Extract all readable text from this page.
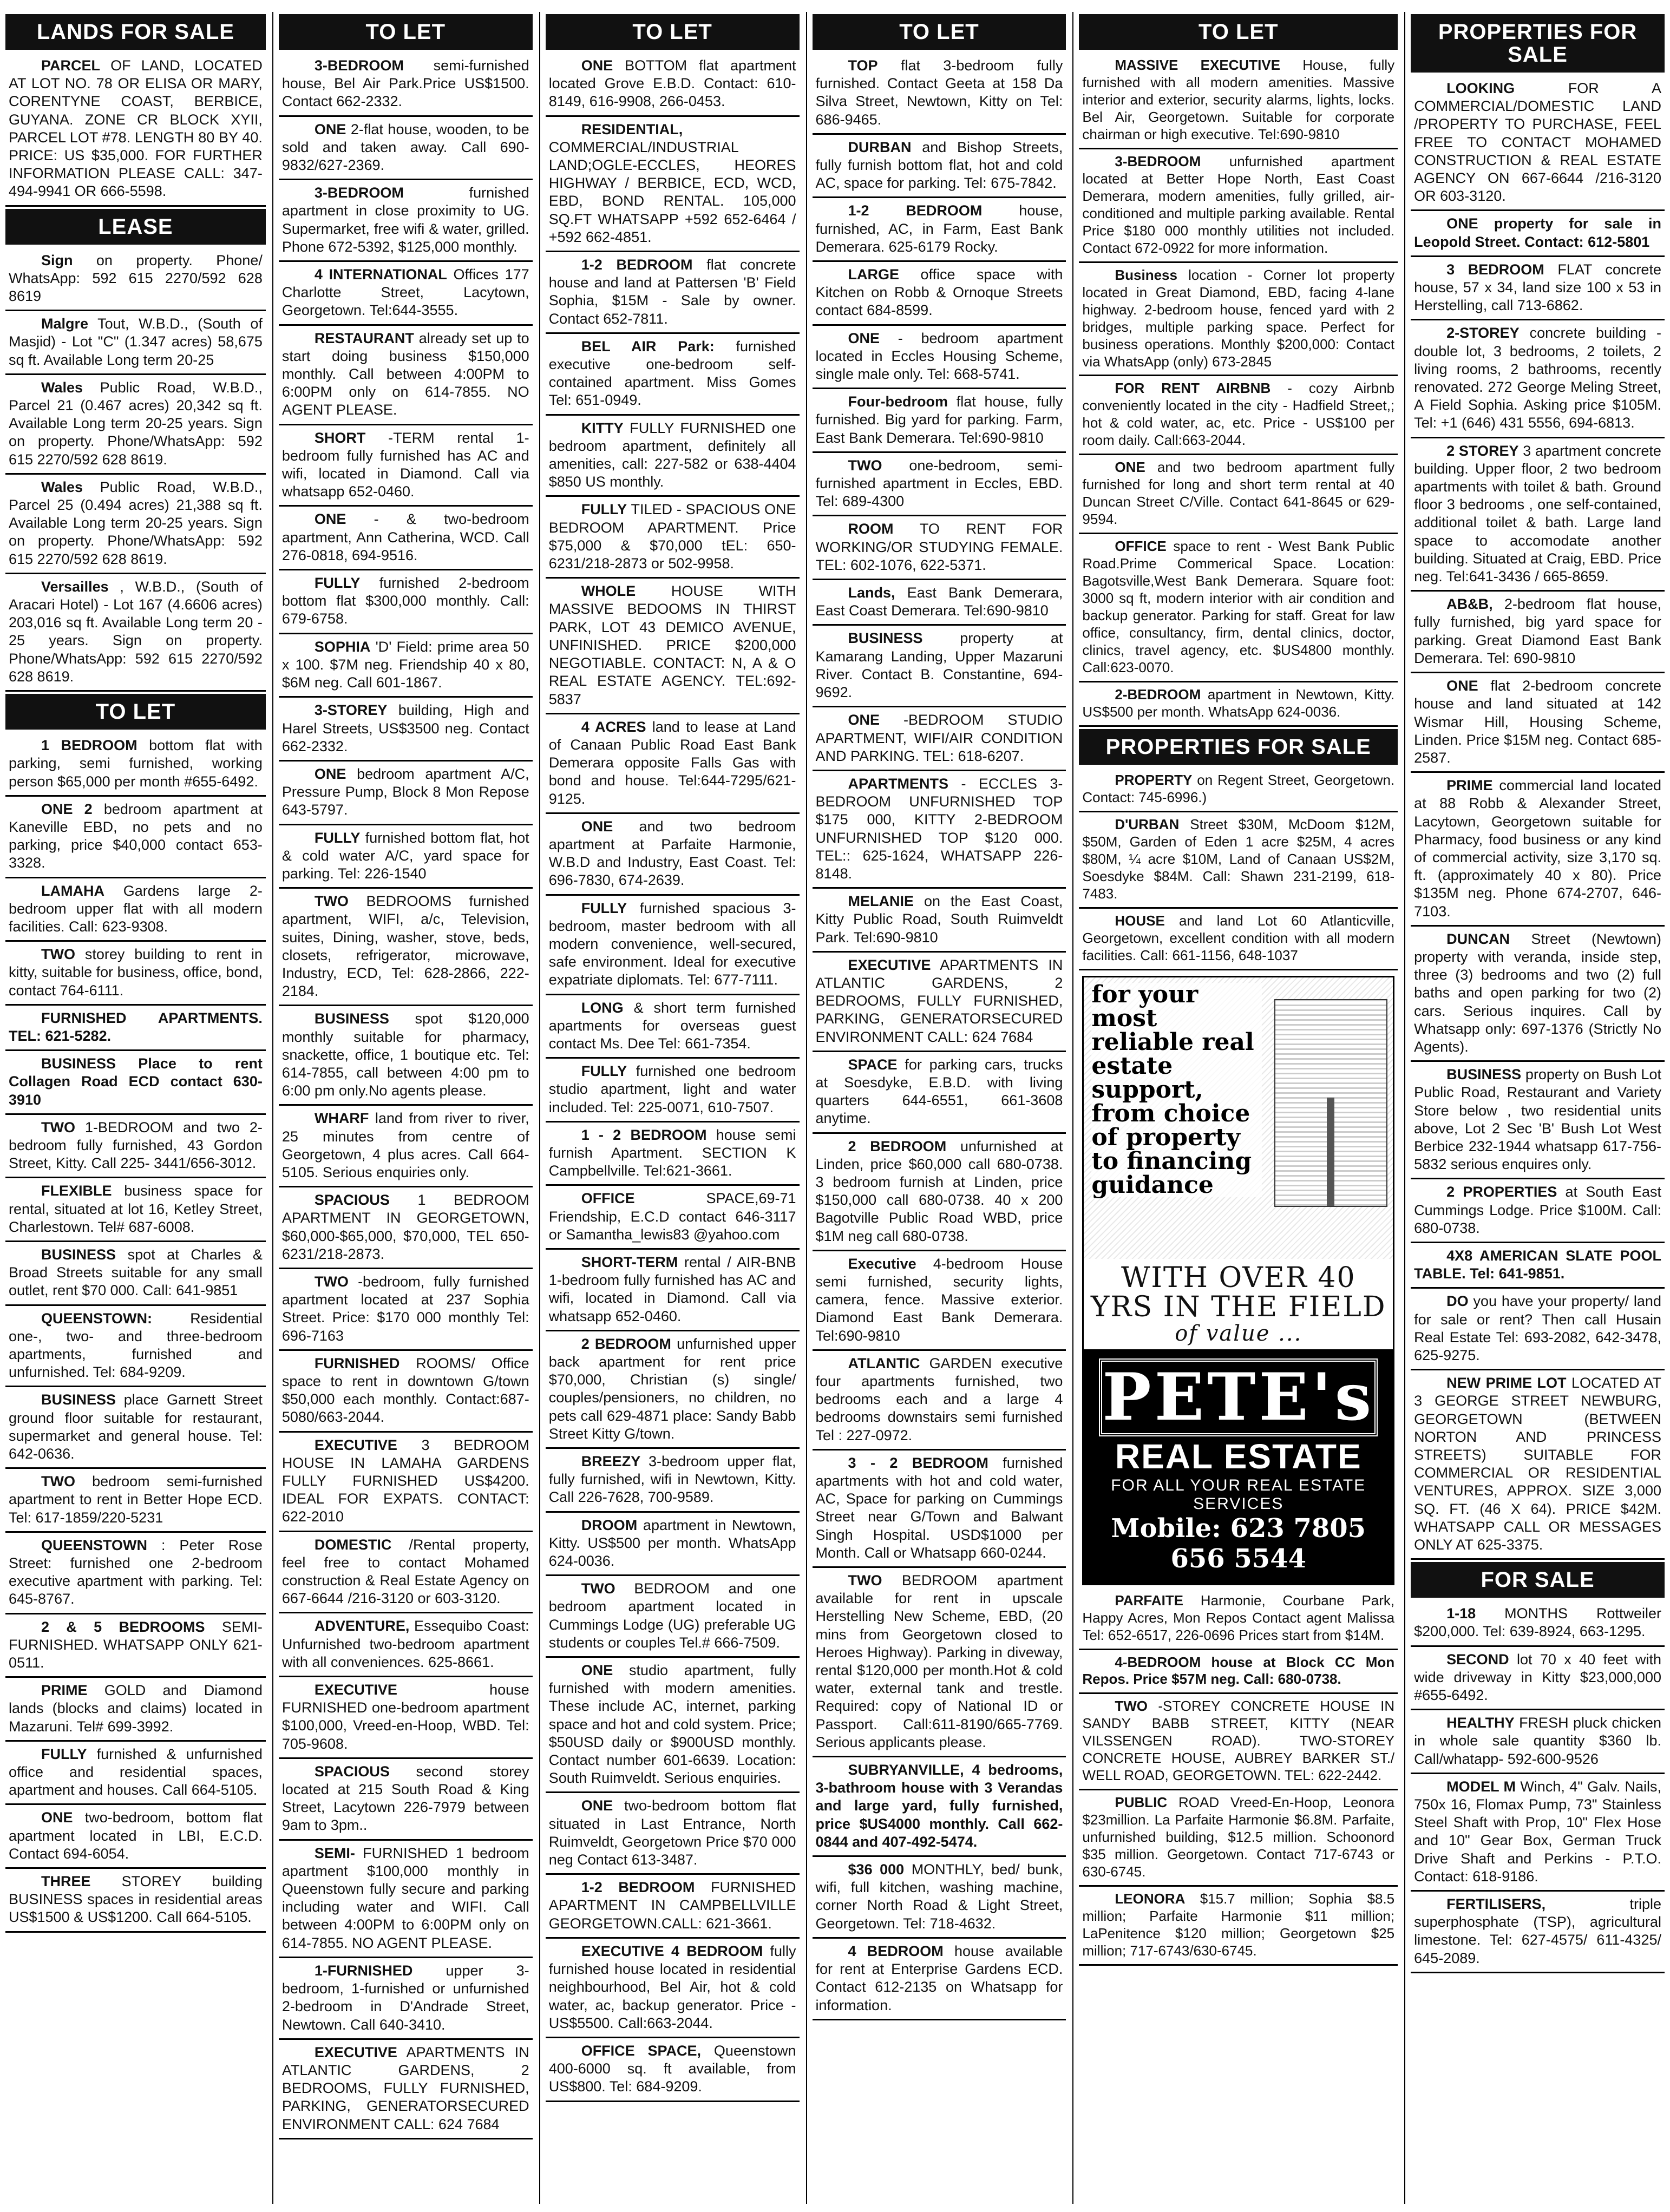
LANDS FOR SALE
PARCEL OF LAND, LOCATED AT LOT NO. 78 OR ELISA OR MARY, CORENTYNE COAST, BERBICE, GUYANA. ZONE CR BLOCK XYII, PARCEL LOT #78. LENGTH 80 BY 40. PRICE: US $35,000. FOR FURTHER INFORMATION PLEASE CALL: 347-494-9941 OR 666-5598.
LEASE
Sign on property. Phone/ WhatsApp: 592 615 2270/592 628 8619
Malgre Tout, W.B.D., (South of Masjid) - Lot "C" (1.347 acres) 58,675 sq ft. Available Long term 20-25
Wales Public Road, W.B.D., Parcel 21 (0.467 acres) 20,342 sq ft. Available Long term 20-25 years. Sign on property. Phone/WhatsApp: 592 615 2270/592 628 8619.
Wales Public Road, W.B.D., Parcel 25 (0.494 acres) 21,388 sq ft. Available Long term 20-25 years. Sign on property. Phone/WhatsApp: 592 615 2270/592 628 8619.
Versailles , W.B.D., (South of Aracari Hotel) - Lot 167 (4.6606 acres) 203,016 sq ft. Available Long term 20 - 25 years. Sign on property. Phone/WhatsApp: 592 615 2270/592 628 8619.
TO LET
1 BEDROOM bottom flat with parking, semi furnished, working person $65,000 per month #655-6492.
ONE 2 bedroom apartment at Kaneville EBD, no pets and no parking, price $40,000 contact 653-3328.
LAMAHA Gardens large 2-bedroom upper flat with all modern facilities. Call: 623-9308.
TWO storey building to rent in kitty, suitable for business, office, bond, contact 764-6111.
FURNISHED APARTMENTS. TEL: 621-5282.
BUSINESS Place to rent Collagen Road ECD contact 630-3910
TWO 1-BEDROOM and two 2-bedroom fully furnished, 43 Gordon Street, Kitty. Call 225- 3441/656-3012.
FLEXIBLE business space for rental, situated at lot 16, Ketley Street, Charlestown. Tel# 687-6008.
BUSINESS spot at Charles & Broad Streets suitable for any small outlet, rent $70 000. Call: 641-9851
QUEENSTOWN:	Residential one-, two- and three-bedroom apartments, furnished and unfurnished. Tel: 684-9209.
BUSINESS place Garnett Street ground floor suitable for restaurant, supermarket and general house. Tel: 642-0636.
TWO bedroom semi-furnished apartment to rent in Better Hope ECD. Tel: 617-1859/220-5231
QUEENSTOWN : Peter Rose Street: furnished one 2-bedroom executive apartment with parking. Tel: 645-8767.
2 & 5 BEDROOMS SEMI-FURNISHED. WHATSAPP ONLY 621-0511.
PRIME GOLD and Diamond lands (blocks and claims) located in Mazaruni. Tel# 699-3992.
FULLY furnished & unfurnished office and residential spaces, apartment and houses. Call 664-5105.
ONE two-bedroom, bottom flat apartment located in LBI, E.C.D. Contact 694-6054.
THREE STOREY building BUSINESS spaces in residential areas US$1500 & US$1200. Call 664-5105.
TO LET
3-BEDROOM semi-furnished house, Bel Air Park.Price US$1500. Contact 662-2332.
ONE 2-flat house, wooden, to be sold and taken away. Call 690-9832/627-2369.
3-BEDROOM	furnished apartment in close proximity to UG. Supermarket, free wifi & water, grilled. Phone 672-5392, $125,000 monthly.
4 INTERNATIONAL Offices 177 Charlotte Street, Lacytown, Georgetown. Tel:644-3555.
RESTAURANT already set up to start doing business $150,000 monthly. Call between 4:00PM to 6:00PM only on 614-7855. NO AGENT PLEASE.
SHORT -TERM rental 1-bedroom fully furnished has AC and wifi, located in Diamond. Call via whatsapp 652-0460.
ONE - & two-bedroom apartment, Ann Catherina, WCD. Call 276-0818, 694-9516.
FULLY furnished 2-bedroom bottom flat $300,000 monthly. Call: 679-6758.
SOPHIA 'D' Field: prime area 50 x 100. $7M neg. Friendship 40 x 80, $6M neg. Call 601-1867.
3-STOREY building, High and Harel Streets, US$3500 neg. Contact 662-2332.
ONE bedroom apartment A/C, Pressure Pump, Block 8 Mon Repose 643-5797.
FULLY furnished bottom flat, hot & cold water A/C, yard space for parking. Tel: 226-1540
TWO BEDROOMS furnished apartment, WIFI, a/c, Television, suites, Dining, washer, stove, beds, closets, refrigerator, microwave, Industry, ECD, Tel: 628-2866, 222-2184.
BUSINESS spot $120,000 monthly suitable for pharmacy, snackette, office, 1 boutique etc. Tel: 614-7855, call between 4:00 pm to 6:00 pm only.No agents please.
WHARF land from river to river, 25 minutes from centre of Georgetown, 4 plus acres. Call 664-5105. Serious enquiries only.
SPACIOUS 1 BEDROOM APARTMENT IN GEORGETOWN, $60,000-$65,000, $70,000, TEL 650-6231/218-2873.
TWO -bedroom, fully furnished apartment located at 237 Sophia Street. Price: $170 000 monthly Tel: 696-7163
FURNISHED ROOMS/ Office space to rent in downtown G/town $50,000 each monthly. Contact:687-5080/663-2044.
EXECUTIVE 3 BEDROOM HOUSE IN LAMAHA GARDENS FULLY FURNISHED US$4200. IDEAL FOR EXPATS. CONTACT: 622-2010
DOMESTIC /Rental property, feel free to contact Mohamed construction & Real Estate Agency on 667-6644 /216-3120 or 603-3120.
ADVENTURE, Essequibo Coast: Unfurnished two-bedroom apartment with all conveniences. 625-8661.
EXECUTIVE	house FURNISHED one-bedroom apartment $100,000, Vreed-en-Hoop, WBD. Tel: 705-9608.
SPACIOUS second storey located at 215 South Road & King Street, Lacytown 226-7979 between 9am to 3pm..
SEMI- FURNISHED 1 bedroom apartment $100,000 monthly in Queenstown fully secure and parking including water and WIFI. Call between 4:00PM to 6:00PM only on 614-7855. NO AGENT PLEASE.
1-FURNISHED upper 3-bedroom, 1-furnished or unfurnished 2-bedroom in D'Andrade Street, Newtown. Call 640-3410.
EXECUTIVE APARTMENTS IN ATLANTIC GARDENS, 2 BEDROOMS, FULLY FURNISHED, PARKING, GENERATORSECURED ENVIRONMENT CALL: 624 7684
TO LET
ONE BOTTOM flat apartment located Grove E.B.D. Contact: 610-8149, 616-9908, 266-0453.
RESIDENTIAL, COMMERCIAL/INDUSTRIAL LAND;OGLE-ECCLES, HEORES HIGHWAY / BERBICE, ECD, WCD, EBD, BOND RENTAL. 105,000 SQ.FT WHATSAPP +592 652-6464 / +592 662-4851.
1-2 BEDROOM flat concrete house and land at Pattersen 'B' Field Sophia, $15M - Sale by owner. Contact 652-7811.
BEL AIR Park: furnished executive one-bedroom self-contained apartment. Miss Gomes Tel: 651-0949.
KITTY FULLY FURNISHED one bedroom apartment, definitely all amenities, call: 227-582 or 638-4404 $850 US monthly.
FULLY TILED - SPACIOUS ONE BEDROOM APARTMENT. Price $75,000 & $70,000 tEL: 650-6231/218-2873 or 502-9958.
WHOLE HOUSE WITH MASSIVE BEDOOMS IN THIRST PARK, LOT 43 DEMICO AVENUE, UNFINISHED. PRICE $200,000 NEGOTIABLE. CONTACT: N, A & O REAL ESTATE AGENCY. TEL:692-5837
4 ACRES land to lease at Land of Canaan Public Road East Bank Demerara opposite Falls Gas with bond and house. Tel:644-7295/621-9125.
ONE and two bedroom apartment at Parfaite Harmonie, W.B.D and Industry, East Coast. Tel: 696-7830, 674-2639.
FULLY furnished spacious 3-bedroom, master bedroom with all modern convenience, well-secured, safe environment. Ideal for executive expatriate diplomats. Tel: 677-7111.
LONG & short term furnished apartments for overseas guest contact Ms. Dee Tel: 661-7354.
FULLY furnished one bedroom studio apartment, light and water included. Tel: 225-0071, 610-7507.
1 - 2 BEDROOM house semi furnish Apartment. SECTION K Campbellville. Tel:621-3661.
OFFICE	SPACE,69-71 Friendship, E.C.D contact 646-3117 or Samantha_lewis83 @yahoo.com
SHORT-TERM rental / AIR-BNB 1-bedroom fully furnished has AC and wifi, located in Diamond. Call via whatsapp 652-0460.
2 BEDROOM unfurnished upper back apartment for rent price $70,000, Christian (s) single/ couples/pensioners, no children, no pets call 629-4871 place: Sandy Babb Street Kitty G/town.
BREEZY 3-bedroom upper flat, fully furnished, wifi in Newtown, Kitty. Call 226-7628, 700-9589.
DROOM apartment in Newtown, Kitty. US$500 per month. WhatsApp 624-0036.
TWO BEDROOM and one bedroom apartment located in Cummings Lodge (UG) preferable UG students or couples Tel.# 666-7509.
ONE studio apartment, fully furnished with modern amenities. These include AC, internet, parking space and hot and cold system. Price; $50USD daily or $900USD monthly. Contact number 601-6639. Location: South Ruimveldt. Serious enquiries.
ONE two-bedroom bottom flat situated in Last Entrance, North Ruimveldt, Georgetown Price $70 000 neg Contact 613-3487.
1-2 BEDROOM FURNISHED APARTMENT IN CAMPBELLVILLE GEORGETOWN.CALL: 621-3661.
EXECUTIVE 4 BEDROOM fully furnished house located in residential neighbourhood, Bel Air, hot & cold water, ac, backup generator. Price - US$5500. Call:663-2044.
OFFICE SPACE, Queenstown 400-6000 sq. ft available, from US$800. Tel: 684-9209.
TO LET
TOP flat 3-bedroom fully furnished. Contact Geeta at 158 Da Silva Street, Newtown, Kitty on Tel: 686-9465.
DURBAN and Bishop Streets, fully furnish bottom flat, hot and cold AC, space for parking. Tel: 675-7842.
1-2 BEDROOM	house, furnished, AC, in Farm, East Bank Demerara. 625-6179 Rocky.
LARGE office space with Kitchen on Robb & Ornoque Streets contact 684-8599.
ONE - bedroom apartment located in Eccles Housing Scheme, single male only. Tel: 668-5741.
Four-bedroom flat house, fully furnished. Big yard for parking. Farm, East Bank Demerara. Tel:690-9810
TWO one-bedroom, semi-furnished apartment in Eccles, EBD. Tel: 689-4300
ROOM TO RENT FOR WORKING/OR STUDYING FEMALE. TEL: 602-1076, 622-5371.
Lands, East Bank Demerara, East Coast Demerara. Tel:690-9810
BUSINESS	property at Kamarang Landing, Upper Mazaruni River. Contact B. Constantine, 694-9692.
ONE -BEDROOM STUDIO APARTMENT, WIFI/AIR CONDITION AND PARKING. TEL: 618-6207.
APARTMENTS - ECCLES 3-BEDROOM UNFURNISHED TOP $175 000, KITTY 2-BEDROOM UNFURNISHED TOP $120 000. TEL:: 625-1624, WHATSAPP 226-8148.
MELANIE on the East Coast, Kitty Public Road, South Ruimveldt Park. Tel:690-9810
EXECUTIVE APARTMENTS IN ATLANTIC GARDENS, 2 BEDROOMS, FULLY FURNISHED, PARKING, GENERATORSECURED ENVIRONMENT CALL: 624 7684
SPACE for parking cars, trucks at Soesdyke, E.B.D. with living quarters 644-6551, 661-3608 anytime.
2 BEDROOM unfurnished at Linden, price $60,000 call 680-0738. 3 bedroom furnish at Linden, price $150,000 call 680-0738. 40 x 200 Bagotville Public Road WBD, price $1M neg call 680-0738.
Executive 4-bedroom House semi furnished, security lights, camera, fence. Massive exterior. Diamond East Bank Demerara. Tel:690-9810
ATLANTIC GARDEN executive four apartments furnished, two bedrooms each and a large 4 bedrooms downstairs semi furnished Tel : 227-0972.
3 - 2 BEDROOM furnished apartments with hot and cold water, AC, Space for parking on Cummings Street near G/Town and Balwant Singh Hospital. USD$1000 per Month. Call or Whatsapp 660-0244.
TWO BEDROOM apartment available for rent in upscale Herstelling New Scheme, EBD, (20 mins from Georgetown closed to Heroes Highway). Parking in diveway, rental $120,000 per month.Hot & cold water, external tank and trestle. Required: copy of National ID or Passport. Call:611-8190/665-7769. Serious applicants please.
SUBRYANVILLE, 4 bedrooms, 3-bathroom house with 3 Verandas and large yard, fully furnished, price $US4000 monthly. Call 662-0844 and 407-492-5474.
$36 000 MONTHLY, bed/ bunk, wifi, full kitchen, washing machine, corner North Road & Light Street, Georgetown. Tel: 718-4632.
4 BEDROOM house available for rent at Enterprise Gardens ECD. Contact 612-2135 on Whatsapp for information.
TO LET
MASSIVE EXECUTIVE House, fully furnished with all modern amenities. Massive interior and exterior, security alarms, lights, locks. Bel Air, Georgetown. Suitable for corporate chairman or high executive. Tel:690-9810
3-BEDROOM unfurnished apartment located at Better Hope North, East Coast Demerara, modern amenities, fully grilled, air-conditioned and multiple parking available. Rental Price $180 000 monthly utilities not included. Contact 672-0922 for more information.
Business location - Corner lot property located in Great Diamond, EBD, facing 4-lane highway. 2-bedroom house, fenced yard with 2 bridges, multiple parking space. Perfect for business operations. Monthly $200,000: Contact via WhatsApp (only) 673-2845
FOR RENT AIRBNB - cozy Airbnb conveniently located in the city - Hadfield Street,; hot & cold water, ac, etc. Price - US$100 per room daily. Call:663-2044.
ONE and two bedroom apartment fully furnished for long and short term rental at 40 Duncan Street C/Ville. Contact 641-8645 or 629-9594.
OFFICE space to rent - West Bank Public Road.Prime Commerical Space. Location: Bagotsville,West Bank Demerara. Square foot: 3000 sq ft, modern interior with air condition and backup generator. Parking for staff. Great for law office, consultancy, firm, dental clinics, doctor, clinics, travel agency, etc. $US4800 monthly. Call:623-0070.
2-BEDROOM apartment in Newtown, Kitty. US$500 per month. WhatsApp 624-0036.
PROPERTIES FOR SALE
PROPERTY on Regent Street, Georgetown. Contact: 745-6996.)
D'URBAN Street $30M, McDoom $12M, $50M, Garden of Eden 1 acre $25M, 4 acres $80M, ¼ acre $10M, Land of Canaan US$2M, Soesdyke $84M. Call: Shawn 231-2199, 618-7483.
HOUSE and land Lot 60 Atlanticville, Georgetown, excellent condition with all modern facilities. Call: 661-1156, 648-1037
for your most reliable real estate support, from choice of property to financing guidance
WITH OVER 40 YRS IN THE FIELD
of value ...
PETE's
REAL ESTATE
FOR ALL YOUR REAL ESTATE SERVICES
Mobile: 623 7805 656 5544
PARFAITE Harmonie, Courbane Park, Happy Acres, Mon Repos Contact agent Malissa Tel: 652-6517, 226-0696 Prices start from $14M.
4-BEDROOM house at Block CC Mon Repos. Price $57M neg. Call: 680-0738.
TWO -STOREY CONCRETE HOUSE IN SANDY BABB STREET, KITTY (NEAR VILSSENGEN ROAD). TWO-STOREY CONCRETE HOUSE, AUBREY BARKER ST./ WELL ROAD, GEORGETOWN. TEL: 622-2442.
PUBLIC ROAD Vreed-En-Hoop, Leonora $23million. La Parfaite Harmonie $6.8M. Parfaite, unfurnished building, $12.5 million. Schoonord $35 million. Georgetown. Contact 717-6743 or 630-6745.
LEONORA $15.7 million; Sophia $8.5 million; Parfaite Harmonie $11 million; LaPenitence $120 million; Georgetown $25 million; 717-6743/630-6745.
PROPERTIES FOR SALE
LOOKING	FOR A COMMERCIAL/DOMESTIC LAND /PROPERTY TO PURCHASE, FEEL FREE TO CONTACT MOHAMED CONSTRUCTION & REAL ESTATE AGENCY ON 667-6644 /216-3120 OR 603-3120.
ONE property for sale in Leopold Street. Contact: 612-5801
3 BEDROOM FLAT concrete house, 57 x 34, land size 100 x 53 in Herstelling, call 713-6862.
2-STOREY concrete building - double lot, 3 bedrooms, 2 toilets, 2 living rooms, 2 bathrooms, recently renovated. 272 George Meling Street, A Field Sophia. Asking price $105M. Tel: +1 (646) 431 5556, 694-6813.
2 STOREY 3 apartment concrete building. Upper floor, 2 two bedroom apartments with toilet & bath. Ground floor 3 bedrooms , one self-contained, additional toilet & bath. Large land space to accomodate another building. Situated at Craig, EBD. Price neg. Tel:641-3436 / 665-8659.
AB&B, 2-bedroom flat house, fully furnished, big yard space for parking. Great Diamond East Bank Demerara. Tel: 690-9810
ONE flat 2-bedroom concrete house and land situated at 142 Wismar Hill, Housing Scheme, Linden. Price $15M neg. Contact 685-2587.
PRIME commercial land located at 88 Robb & Alexander Street, Lacytown, Georgetown suitable for Pharmacy, food business or any kind of commercial activity, size 3,170 sq. ft. (approximately 40 x 80). Price $135M neg. Phone 674-2707, 646-7103.
DUNCAN Street (Newtown) property with veranda, inside step, three (3) bedrooms and two (2) full baths and open parking for two (2) cars. Serious inquires. Call by Whatsapp only: 697-1376 (Strictly No Agents).
BUSINESS property on Bush Lot Public Road, Restaurant and Variety Store below , two residential units above, Lot 2 Sec 'B' Bush Lot West Berbice 232-1944 whatsapp 617-756-5832 serious enquires only.
2 PROPERTIES at South East Cummings Lodge. Price $100M. Call: 680-0738.
4X8 AMERICAN SLATE POOL TABLE. Tel: 641-9851.
DO you have your property/ land for sale or rent? Then call Husain Real Estate Tel: 693-2082, 642-3478, 625-9275.
NEW PRIME LOT LOCATED AT 3 GEORGE STREET NEWBURG, GEORGETOWN (BETWEEN NORTON AND PRINCESS STREETS) SUITABLE FOR COMMERCIAL OR RESIDENTIAL VENTURES, APPROX. SIZE 3,000 SQ. FT. (46 X 64). PRICE $42M. WHATSAPP CALL OR MESSAGES ONLY AT 625-3375.
FOR SALE
1-18 MONTHS Rottweiler $200,000. Tel: 639-8924, 663-1295.
SECOND lot 70 x 40 feet with wide driveway in Kitty $23,000,000 #655-6492.
HEALTHY FRESH pluck chicken in whole sale quantity $360 lb. Call/whatapp- 592-600-9526
MODEL M Winch, 4" Galv. Nails, 750x 16, Flomax Pump, 73" Stainless Steel Shaft with Prop, 10" Flex Hose and 10" Gear Box, German Truck Drive Shaft and Perkins - P.T.O. Contact: 618-9186.
FERTILISERS,	triple superphosphate (TSP), agricultural limestone. Tel: 627-4575/ 611-4325/ 645-2089.
